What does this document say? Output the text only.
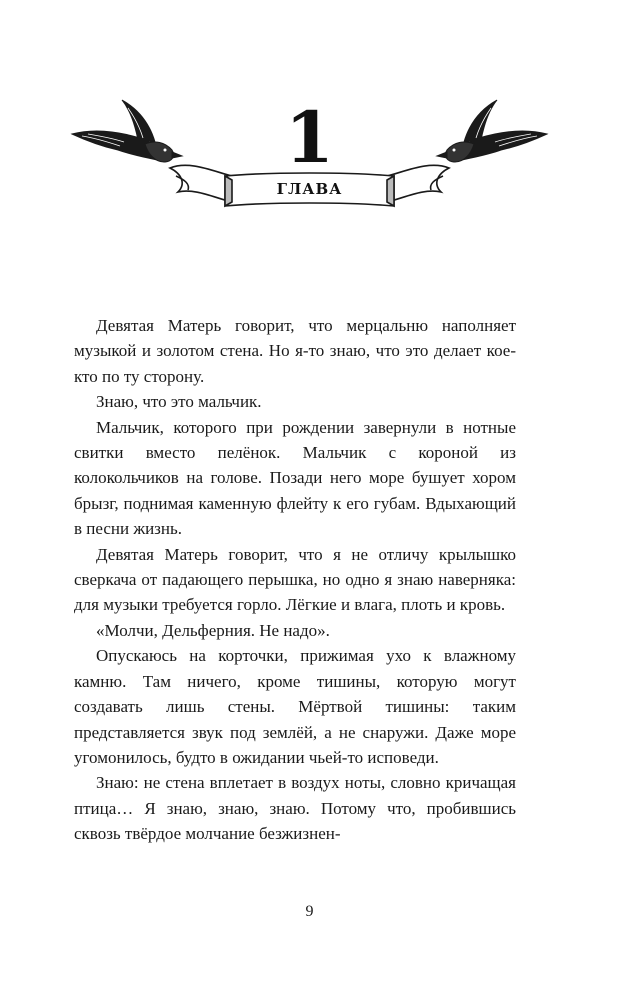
1
ГЛАВА

Девятая Матерь говорит, что мерцальню наполняет музыкой и золотом стена. Но я-то знаю, что это делает кое-кто по ту сторону.

Знаю, что это мальчик.

Мальчик, которого при рождении завернули в нотные свитки вместо пелёнок. Мальчик с короной из колокольчиков на голове. Позади него море бушует хором брызг, поднимая каменную флейту к его губам. Вдыхающий в песни жизнь.

Девятая Матерь говорит, что я не отличу крылышко сверкача от падающего перышка, но одно я знаю наверняка: для музыки требуется горло. Лёгкие и влага, плоть и кровь.

«Молчи, Дельферния. Не надо».

Опускаюсь на корточки, прижимая ухо к влажному камню. Там ничего, кроме тишины, которую могут создавать лишь стены. Мёртвой тишины: таким представляется звук под землёй, а не снаружи. Даже море угомонилось, будто в ожидании чьей-то исповеди.

Знаю: не стена вплетает в воздух ноты, словно кричащая птица… Я знаю, знаю, знаю. Потому что, пробившись сквозь твёрдое молчание безжизнен-

9
